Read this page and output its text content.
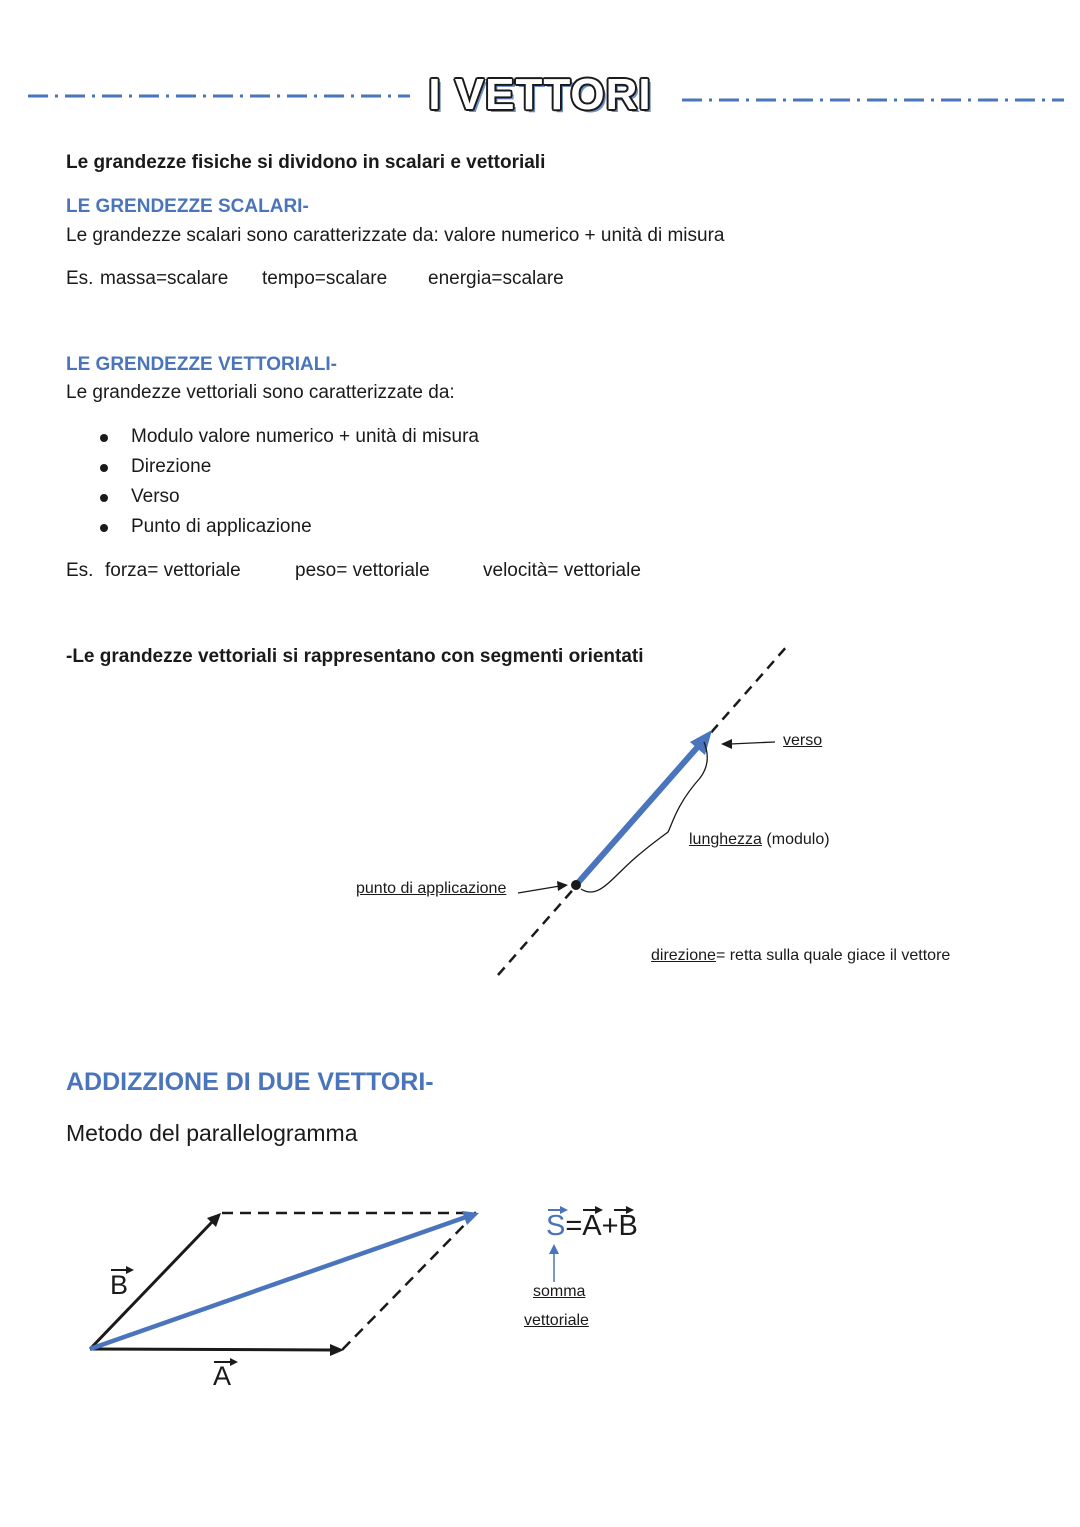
I VETTORI
Le grandezze fisiche si dividono in scalari e vettoriali
LE GRENDEZZE SCALARI-
Le grandezze scalari sono caratterizzate da: valore numerico + unità di misura
Es. massa=scalare tempo=scalare energia=scalare
LE GRENDEZZE VETTORIALI-
Le grandezze vettoriali sono caratterizzate da:
Modulo valore numerico + unità di misura
Direzione
Verso
Punto di applicazione
Es. forza= vettoriale	peso= vettoriale	velocità= vettoriale
-Le grandezze vettoriali si rappresentano con segmenti orientati
verso
lunghezza (modulo)
punto di applicazione
direzione= retta sulla quale giace il vettore
ADDIZZIONE DI DUE VETTORI-
Metodo del parallelogramma
B
A
S=A+B
somma
vettoriale
